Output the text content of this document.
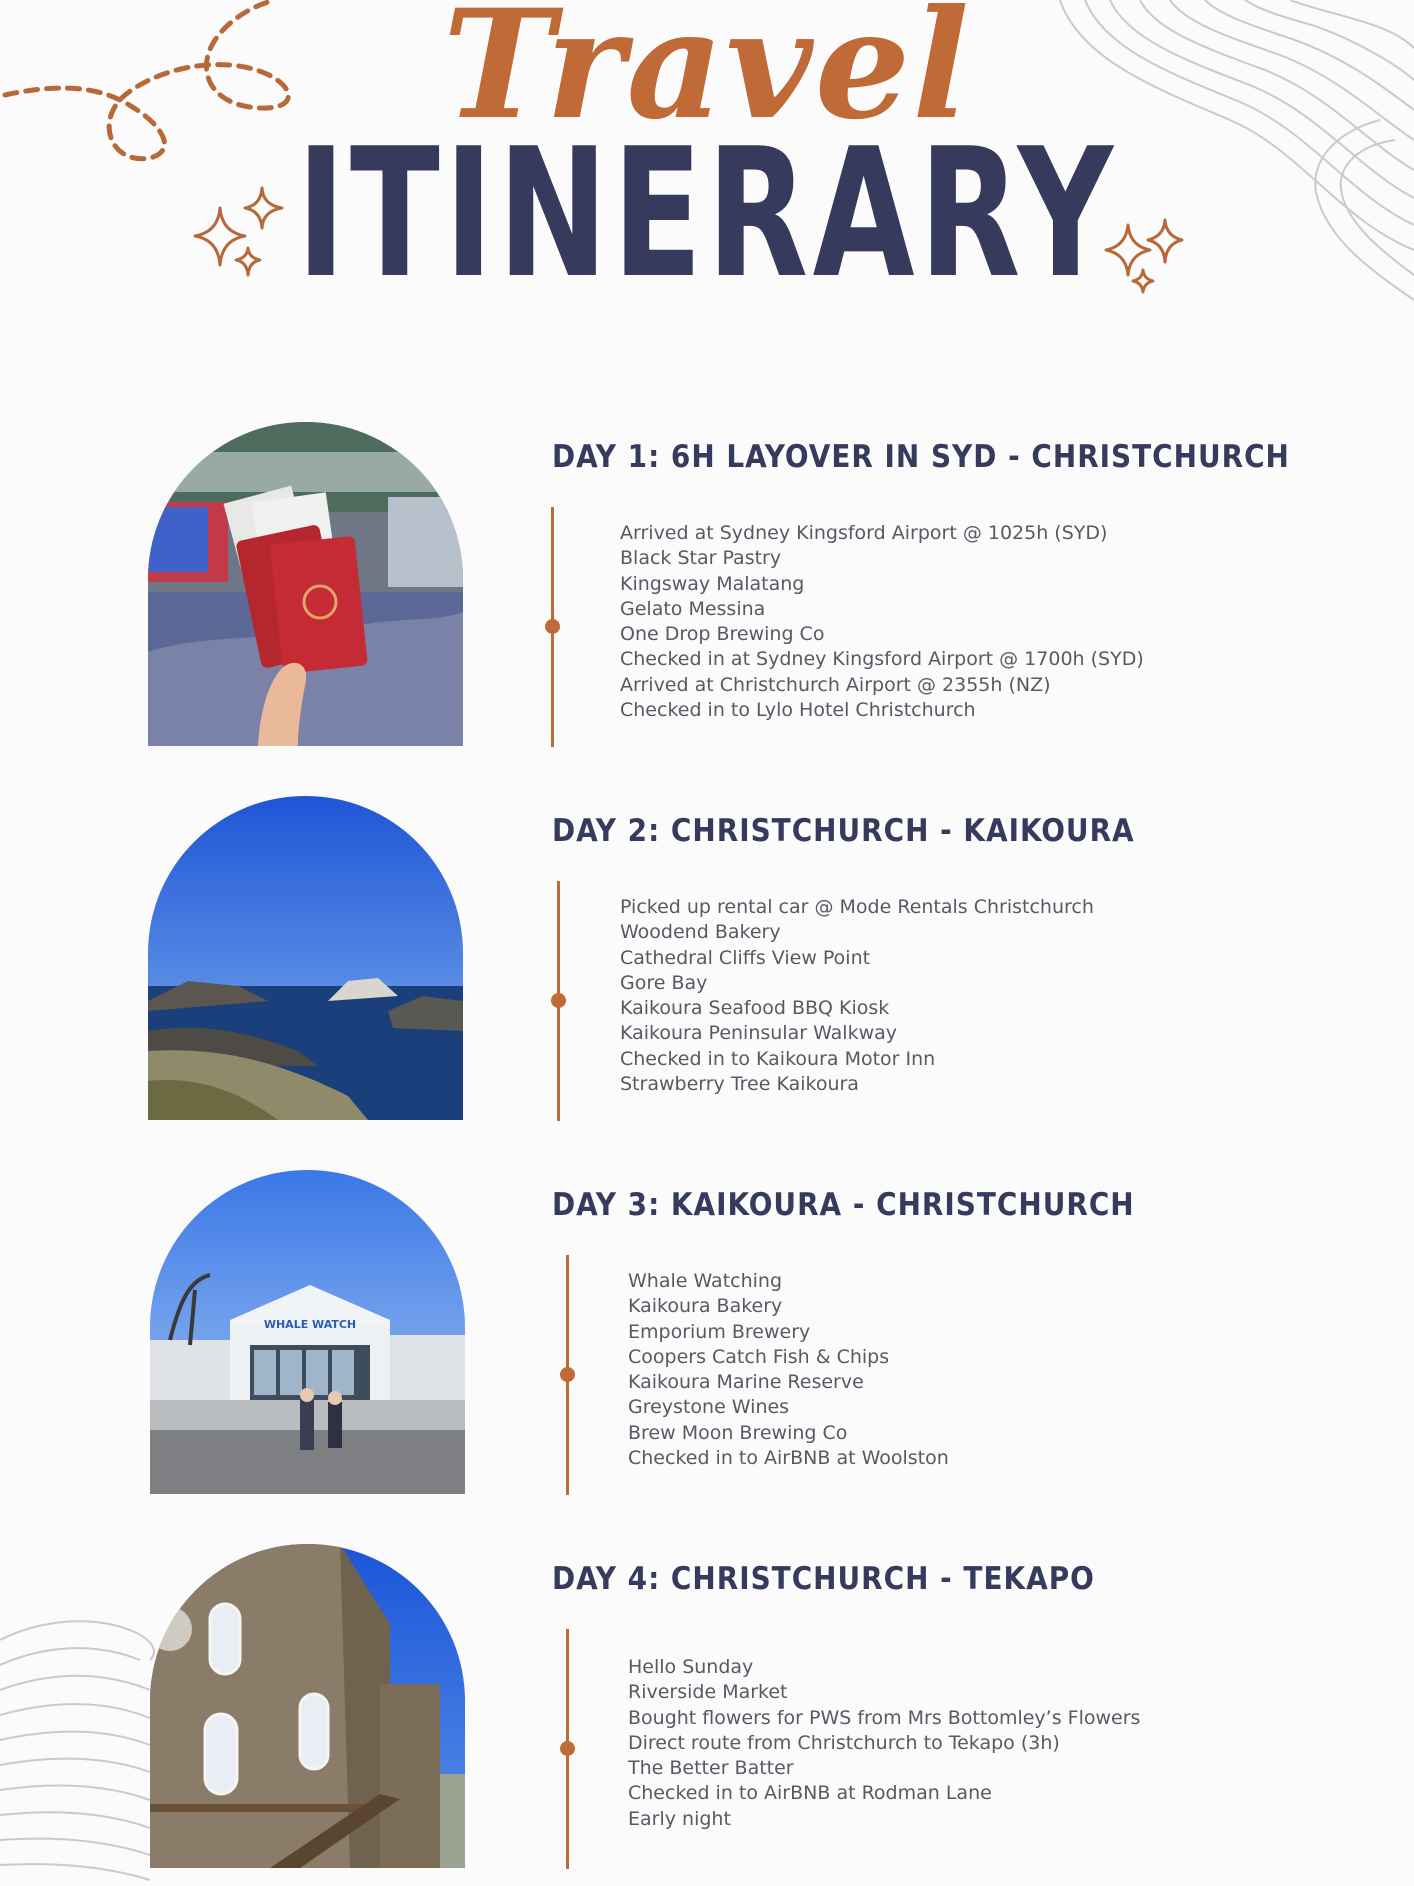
Travel
ITINERARY
DAY 1: 6H LAYOVER IN SYD - CHRISTCHURCH
Arrived at Sydney Kingsford Airport @ 1025h (SYD)
Black Star Pastry
Kingsway Malatang
Gelato Messina
One Drop Brewing Co
Checked in at Sydney Kingsford Airport @ 1700h (SYD)
Arrived at Christchurch Airport @ 2355h (NZ)
Checked in to Lylo Hotel Christchurch
DAY 2: CHRISTCHURCH - KAIKOURA
Picked up rental car @ Mode Rentals Christchurch
Woodend Bakery
Cathedral Cliffs View Point
Gore Bay
Kaikoura Seafood BBQ Kiosk
Kaikoura Peninsular Walkway
Checked in to Kaikoura Motor Inn
Strawberry Tree Kaikoura
WHALE WATCH
DAY 3: KAIKOURA - CHRISTCHURCH
Whale Watching
Kaikoura Bakery
Emporium Brewery
Coopers Catch Fish & Chips
Kaikoura Marine Reserve
Greystone Wines
Brew Moon Brewing Co
Checked in to AirBNB at Woolston
DAY 4: CHRISTCHURCH - TEKAPO
Hello Sunday
Riverside Market
Bought flowers for PWS from Mrs Bottomley’s Flowers
Direct route from Christchurch to Tekapo (3h)
The Better Batter
Checked in to AirBNB at Rodman Lane
Early night
